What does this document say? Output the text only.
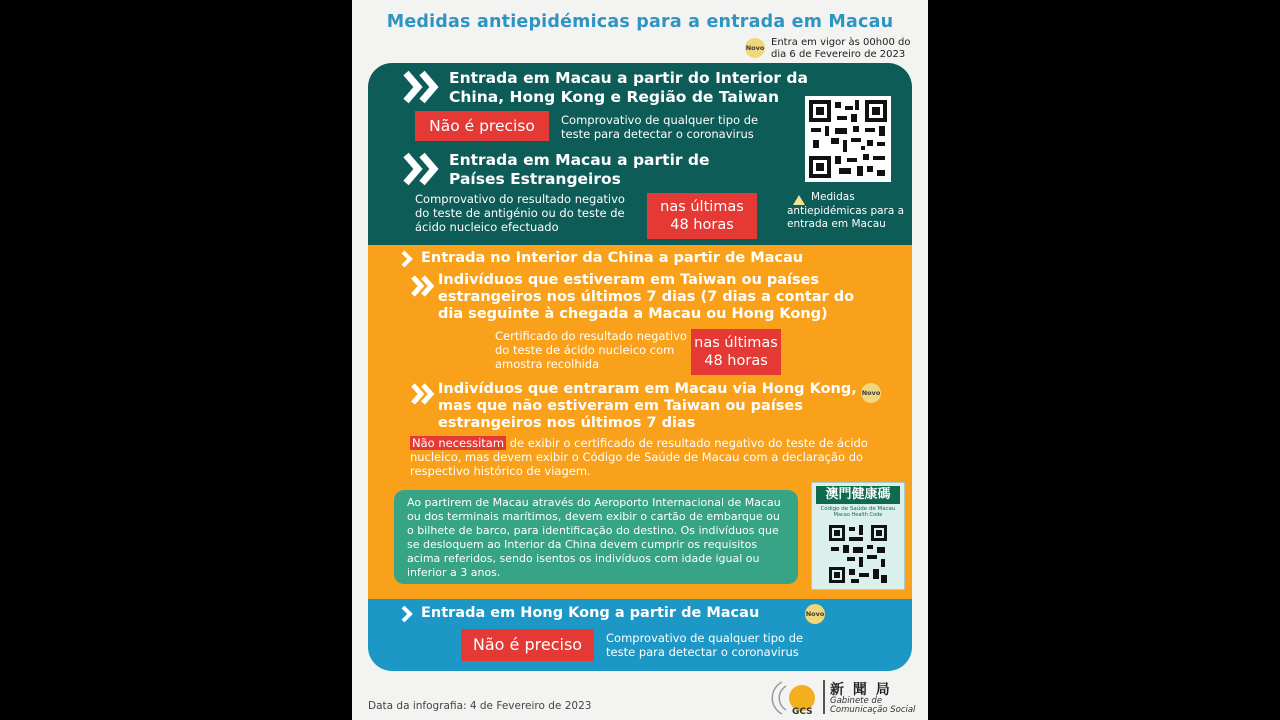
Medidas antiepidémicas para a entrada em Macau
Novo Entra em vigor às 00h00 do dia 6 de Fevereiro de 2023
Entrada em Macau a partir do Interior da China, Hong Kong e Região de Taiwan
Não é preciso	Comprovativo de qualquer tipo de teste para detectar o coronavirus
Entrada em Macau a partir de Países Estrangeiros
Comprovativo do resultado negativo do teste de antigénio ou do teste de ácido nucleico efectuado
nas últimas
48 horas
Medidas antiepidémicas para a entrada em Macau
Entrada no Interior da China a partir de Macau
Indivíduos que estiveram em Taiwan ou países estrangeiros nos últimos 7 dias (7 dias a contar do dia seguinte à chegada a Macau ou Hong Kong)
Certificado do resultado negativo do teste de ácido nucleico com amostra recolhida
nas últimas
48 horas
Indivíduos que entraram em Macau via Hong Kong, mas que não estiveram em Taiwan ou países estrangeiros nos últimos 7 dias
Novo
Não necessitam de exibir o certificado de resultado negativo do teste de ácido nucleico, mas devem exibir o Código de Saúde de Macau com a declaração do respectivo histórico de viagem.
Ao partirem de Macau através do Aeroporto Internacional de Macau ou dos terminais marítimos, devem exibir o cartão de embarque ou o bilhete de barco, para identificação do destino. Os indivíduos que se desloquem ao Interior da China devem cumprir os requisitos acima referidos, sendo isentos os indivíduos com idade igual ou inferior a 3 anos.
澳門健康碼
Código de Saúde de Macau
Macao Health Code
Entrada em Hong Kong a partir de Macau	Novo
Não é preciso	Comprovativo de qualquer tipo de teste para detectar o coronavirus
Data da infografia: 4 de Fevereiro de 2023	GCS
新 聞 局
Gabinete de
Comunicação Social
